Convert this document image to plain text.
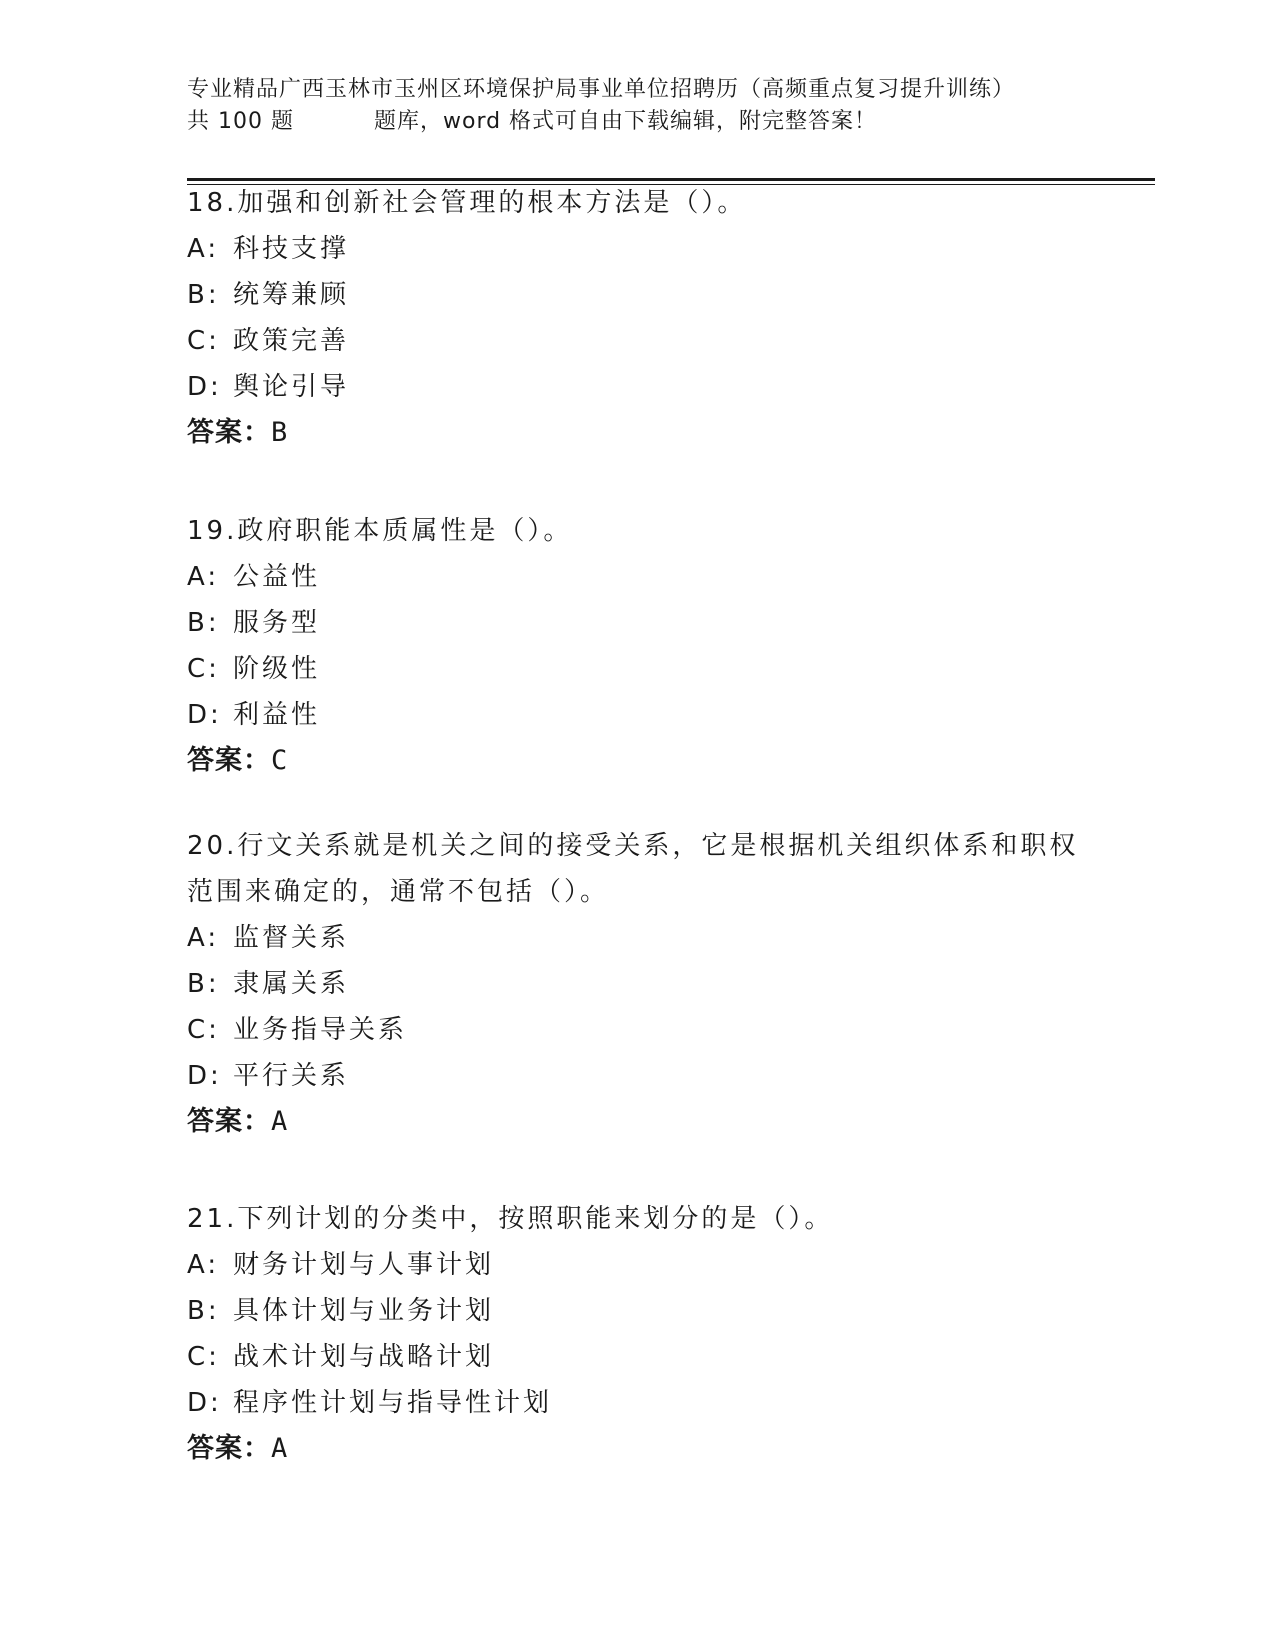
专业精品广西玉林市玉州区环境保护局事业单位招聘历（高频重点复习提升训练）
共 100 题	题库，word 格式可自由下载编辑，附完整答案！

18.加强和创新社会管理的根本方法是（）。

A: 科技支撑

B: 统筹兼顾

C: 政策完善

D: 舆论引导

答案：B

19.政府职能本质属性是（）。

A: 公益性

B: 服务型

C: 阶级性

D: 利益性

答案：C

20.行文关系就是机关之间的接受关系，它是根据机关组织体系和职权

范围来确定的，通常不包括（）。

A: 监督关系

B: 隶属关系

C: 业务指导关系

D: 平行关系

答案：A

21.下列计划的分类中，按照职能来划分的是（）。

A: 财务计划与人事计划

B: 具体计划与业务计划

C: 战术计划与战略计划

D: 程序性计划与指导性计划

答案：A
